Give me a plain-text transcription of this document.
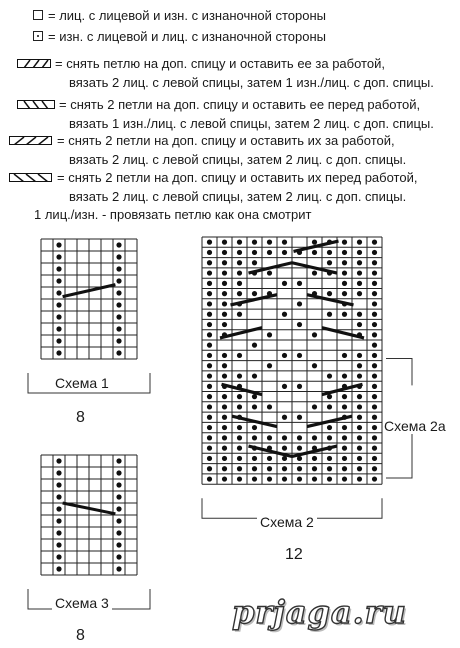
= лиц. с лицевой и изн. с изнаночной стороны
= изн. с лицевой и лиц. с изнаночной стороны
= снять петлю на доп. спицу и оставить ее за работой,
вязать 2 лиц. с левой спицы, затем 1 изн./лиц. с доп. спицы.
= снять 2 петли на доп. спицу и оставить ее перед работой,
вязать 1 изн./лиц. с левой спицы, затем 2 лиц. с доп. спицы.
= снять 2 петли на доп. спицу и оставить их за работой,
вязать 2 лиц. с левой спицы, затем 2 лиц. с доп. спицы.
= снять 2 петли на доп. спицу и оставить их перед работой,
вязать 2 лиц. с левой спицы, затем 2 лиц. с доп. спицы.
1 лиц./изн. - провязать петлю как она смотрит
Схема 1
8
Схема 3
8
Схема 2
12
Схема 2а
prjaga.ru
